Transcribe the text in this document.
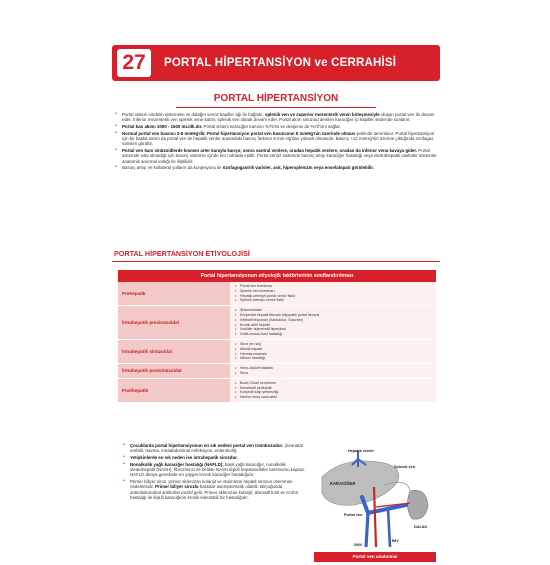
27	PORTAL HİPERTANSİYON ve CERRAHİSİ
PORTAL HİPERTANSİYON
• Portal sistem sindirim sisteminin ve dalağın venöz kapiller ağı ile bağlıdır, splenik ven ve superior mezenterik venin birleşmesiyle oluşan portal ven ile devam eder. İnferior mezenterik ven splenik vene katılır, splenik ven olarak devam eder. Portal akım sinüzoid denilen karaciğer içi kapiller sistemde sonlanır.
• Portal kan akımı 1000 - 1500 mL/dk.dır. Portal sistem karaciğer kanının %75'ini ve oksijenin de %72'sini sağlar.
• Normal portal ven basıncı 3-5 mmHg'dir. Portal hipertansiyon portal ven basıncının 5 mmHg'nin üzerinde olması şeklinde tanımlanır. Portal hipertansiyon için bir başka tanım da portal ven ile hepatik venler arasındaki basınç farkının 5 mm Hg'dan yüksek olmasıdır. Basınç >12 mmHg'nin üzerine çıktığında özofagus varisleri görülür.
• Portal ven kanı sinüzoidlerde kısmen arter kanıyla karışır, sonra santral venlere, oradan hepatik venlere, oradan da inferior vena kavaya gider. Portal sistemde valv olmadığı için basınç sistemin içinde her noktada eşittir. Portal venöz sistemde basınç artışı karaciğer hastalığı veya ekstrahepatik vasküler sistemde anatomik anormal varlığı ile ilişkilidir.
• Basınç artışı ve kollateral yolların da konjesyonu ile özofagogastrik varisler, asit, hipersplenizm veya ensefalopati görülebilir.
PORTAL HİPERTANSİYON ETİYOLOJİSİ
Portal hipertansiyonun etiyolojik faktörlerinin sınıflandırılması
Prehepatik
• Portal ven trombozu
• Splenik ven trombozu
• Hepatik arteriyel-portal venöz fistül
• Splenik arteriyo-venöz fistül
İntrahepatik presinüzoidal
• Şistozomiazis
• Konjenital hepatik fibrozis İdiyopatik portal fibrozis
• İnfiltratif lezyonlar (Sarkoidoz, Gaucher)
• Kronik aktif hepatit
• Nodüler rejeneratif hiperplazi
• Graft-versus-host hastalığı
İntrahepatik sinüzoidal
• Siroz (en sık)
• Alkolik hepatit
• Hemokromatozis
• Wilson hastalığı
İntrahepatik postsinüzoidal
• Veno-oklüzif hastalık
• Siroz
Posthepatik
• Budd-Chiari sendromu
• Konstriktif perikardit
• Konjestif kalp yetmezliği
• İnferior vena cava webi
• Çocuklarda portal hipertansiyonun en sık nedeni portal ven trombozudur. (neonatal omfalit, travma, intraabdominal enfeksiyon, enterokolit).
• Yetişkinlerde en sık neden ise intrahepatik sirozdur.
• Nonalkolik yağlı karaciğer hastalığı (NAFLD); basit yağlı karaciğer, nonalkolik steatohepatit (NASH), fibroz/siroz ile birlikte NASH ilişkili hepatosellüler karsinomu kapsar. NAFLD dünya genelinde en yaygın kronik karaciğer hastalığıdır.
• Primer biliyer siroz, primer sklerozan kolanjit ve otoimmün hepatit sirozun otoimmün nedenleridir. Primer biliyer sirozlu hastalar asemptomatik olabilir. Birçoğunda antimitokondrial antikorlar pozitif gelir. Primer sklerozan kolanjit, ülseratif kolit ve Crohn hastalığı ile ilişkili karaciğerin kronik kolestatik bir hastalığıdır.
Hepatik venler
KARACİĞER
Portal ven
Splenik ven
SMV
İMV
DALAK
Portal ven anatomisi
